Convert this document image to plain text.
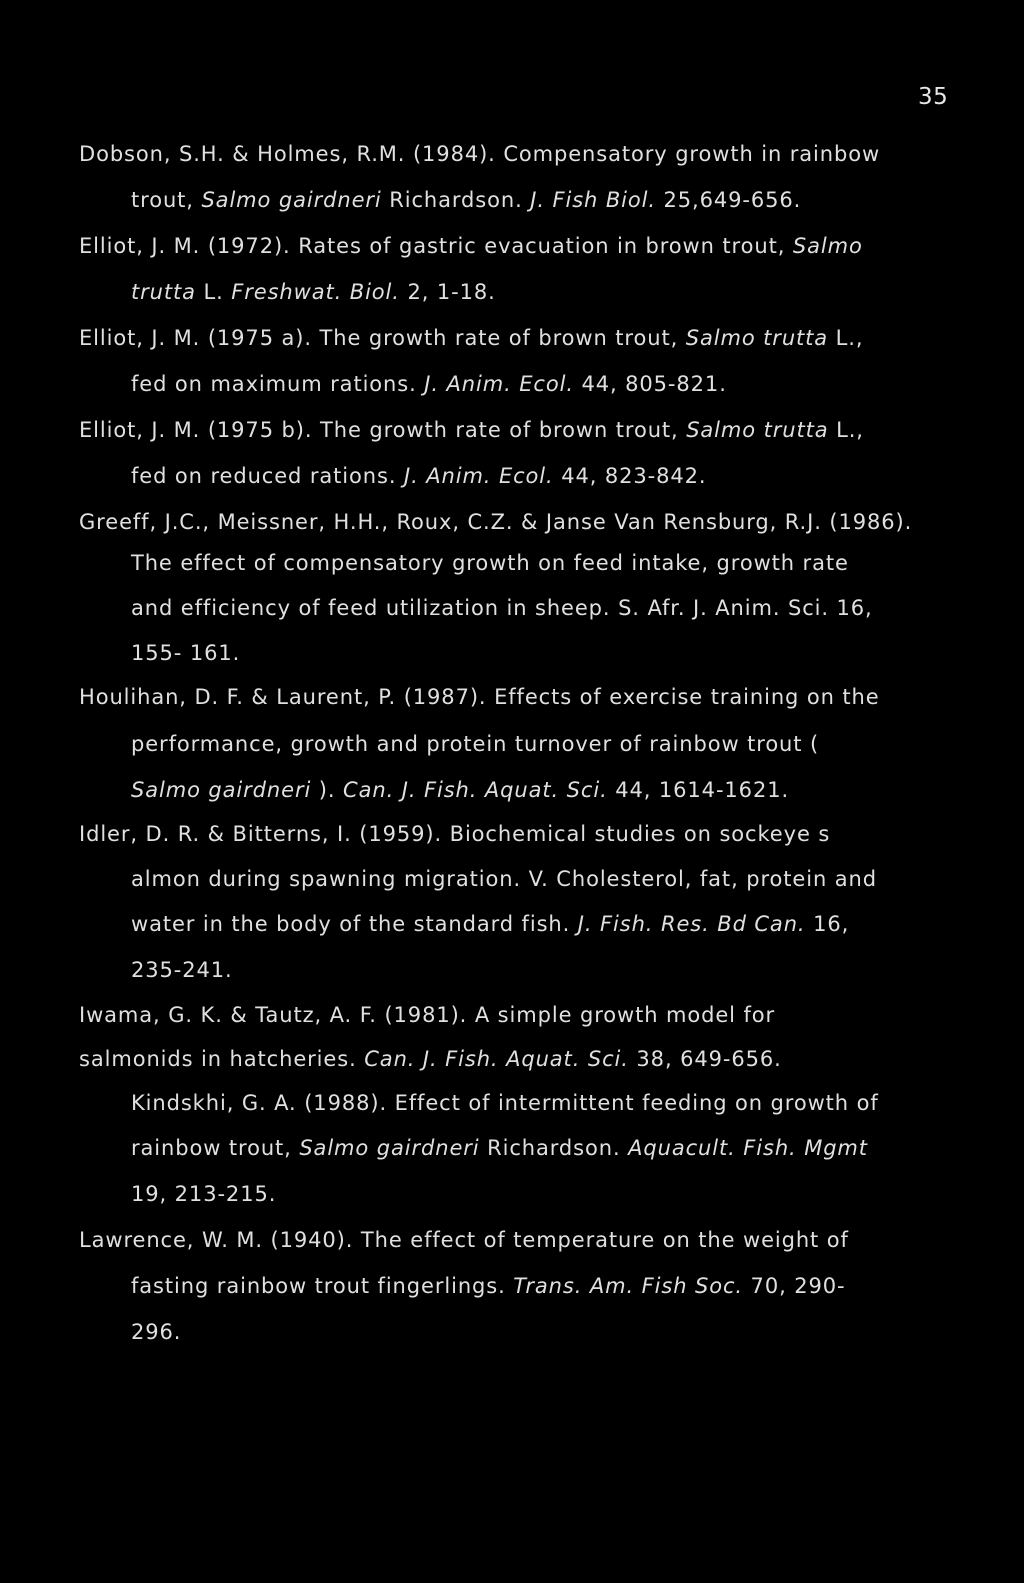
35
Dobson, S.H. & Holmes, R.M. (1984). Compensatory growth in rainbow
trout, Salmo gairdneri Richardson. J. Fish Biol. 25,649-656.
Elliot, J. M. (1972). Rates of gastric evacuation in brown trout, Salmo
trutta L. Freshwat. Biol. 2, 1-18.
Elliot, J. M. (1975 a). The growth rate of brown trout, Salmo trutta L.,
fed on maximum rations. J. Anim. Ecol. 44, 805-821.
Elliot, J. M. (1975 b). The growth rate of brown trout, Salmo trutta L.,
fed on reduced rations. J. Anim. Ecol. 44, 823-842.
Greeff, J.C., Meissner, H.H., Roux, C.Z. & Janse Van Rensburg, R.J. (1986).
The effect of compensatory growth on feed intake, growth rate
and efficiency of feed utilization in sheep. S. Afr. J. Anim. Sci. 16,
155- 161.
Houlihan, D. F. & Laurent, P. (1987). Effects of exercise training on the
performance, growth and protein turnover of rainbow trout (
Salmo gairdneri ). Can. J. Fish. Aquat. Sci. 44, 1614-1621.
Idler, D. R. & Bitterns, I. (1959). Biochemical studies on sockeye s
almon during spawning migration. V. Cholesterol, fat, protein and
water in the body of the standard fish. J. Fish. Res. Bd Can. 16,
235-241.
Iwama, G. K. & Tautz, A. F. (1981). A simple growth model for
salmonids in hatcheries. Can. J. Fish. Aquat. Sci. 38, 649-656.
Kindskhi, G. A. (1988). Effect of intermittent feeding on growth of
rainbow trout, Salmo gairdneri Richardson. Aquacult. Fish. Mgmt
19, 213-215.
Lawrence, W. M. (1940). The effect of temperature on the weight of
fasting rainbow trout fingerlings. Trans. Am. Fish Soc. 70, 290-
296.
